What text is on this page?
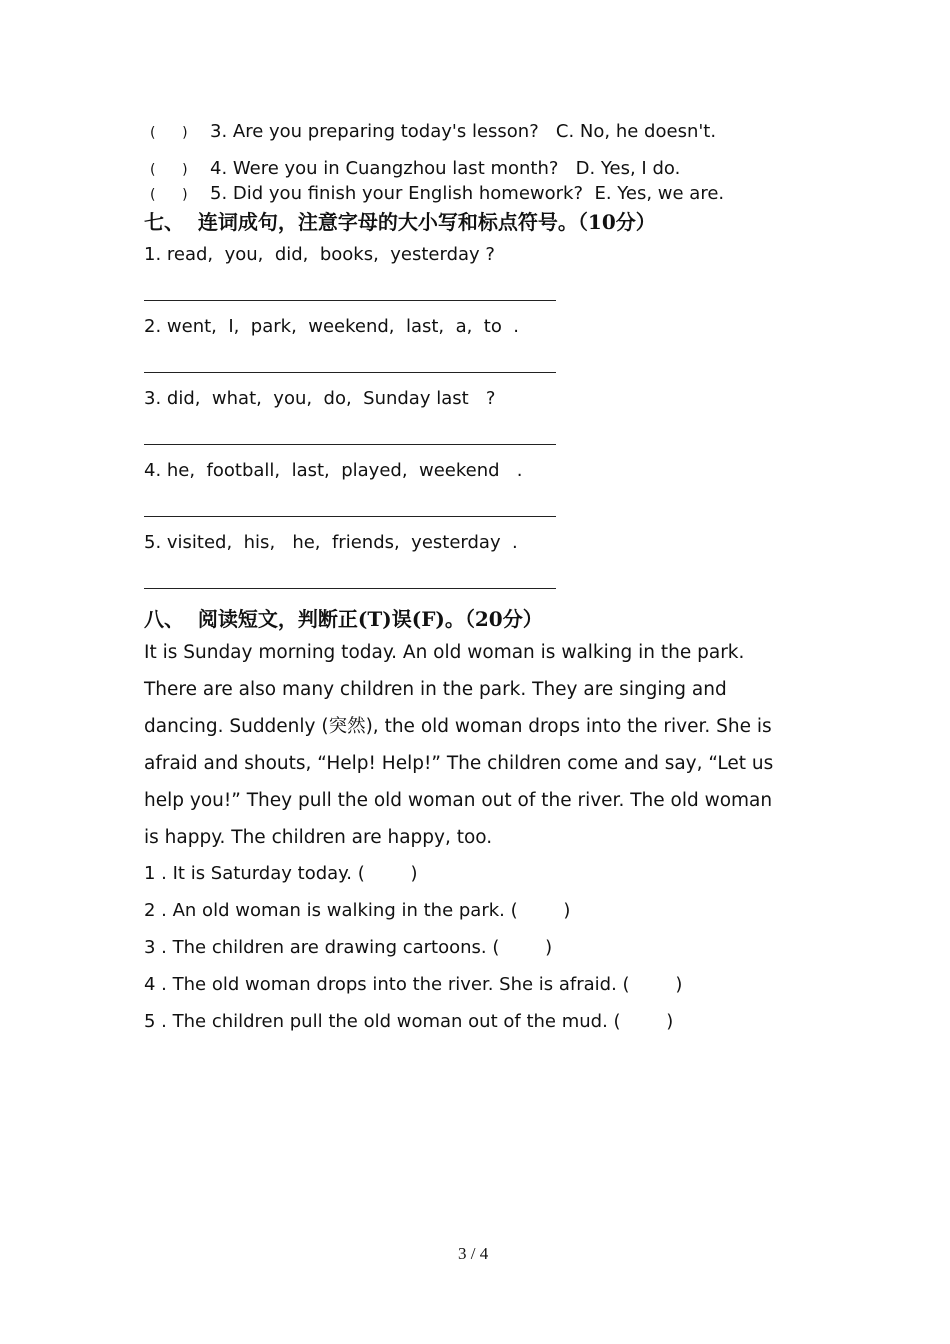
(      ) 3. Are you preparing today's lesson?   C. No, he doesn't.
(      ) 4. Were you in Cuangzhou last month?   D. Yes, I do.
(      ) 5. Did you finish your English homework?  E. Yes, we are.
七、  连词成句，注意字母的大小写和标点符号。（10分）
1. read,  you,  did,  books,  yesterday ?
2. went,  I,  park,  weekend,  last,  a,  to  .
3. did,  what,  you,  do,  Sunday last   ?
4. he,  football,  last,  played,  weekend   .
5. visited,  his,   he,  friends,  yesterday  .
八、  阅读短文，判断正(T)误(F)。（20分）

It is Sunday morning today. An old woman is walking in the park.

There are also many children in the park. They are singing and

dancing. Suddenly (突然), the old woman drops into the river. She is

afraid and shouts, “Help! Help!” The children come and say, “Let us

help you!” They pull the old woman out of the river. The old woman

is happy. The children are happy, too.

1 . It is Saturday today. (        )
2 . An old woman is walking in the park. (        )
3 . The children are drawing cartoons. (        )
4 . The old woman drops into the river. She is afraid. (        )
5 . The children pull the old woman out of the mud. (        )
3 / 4
